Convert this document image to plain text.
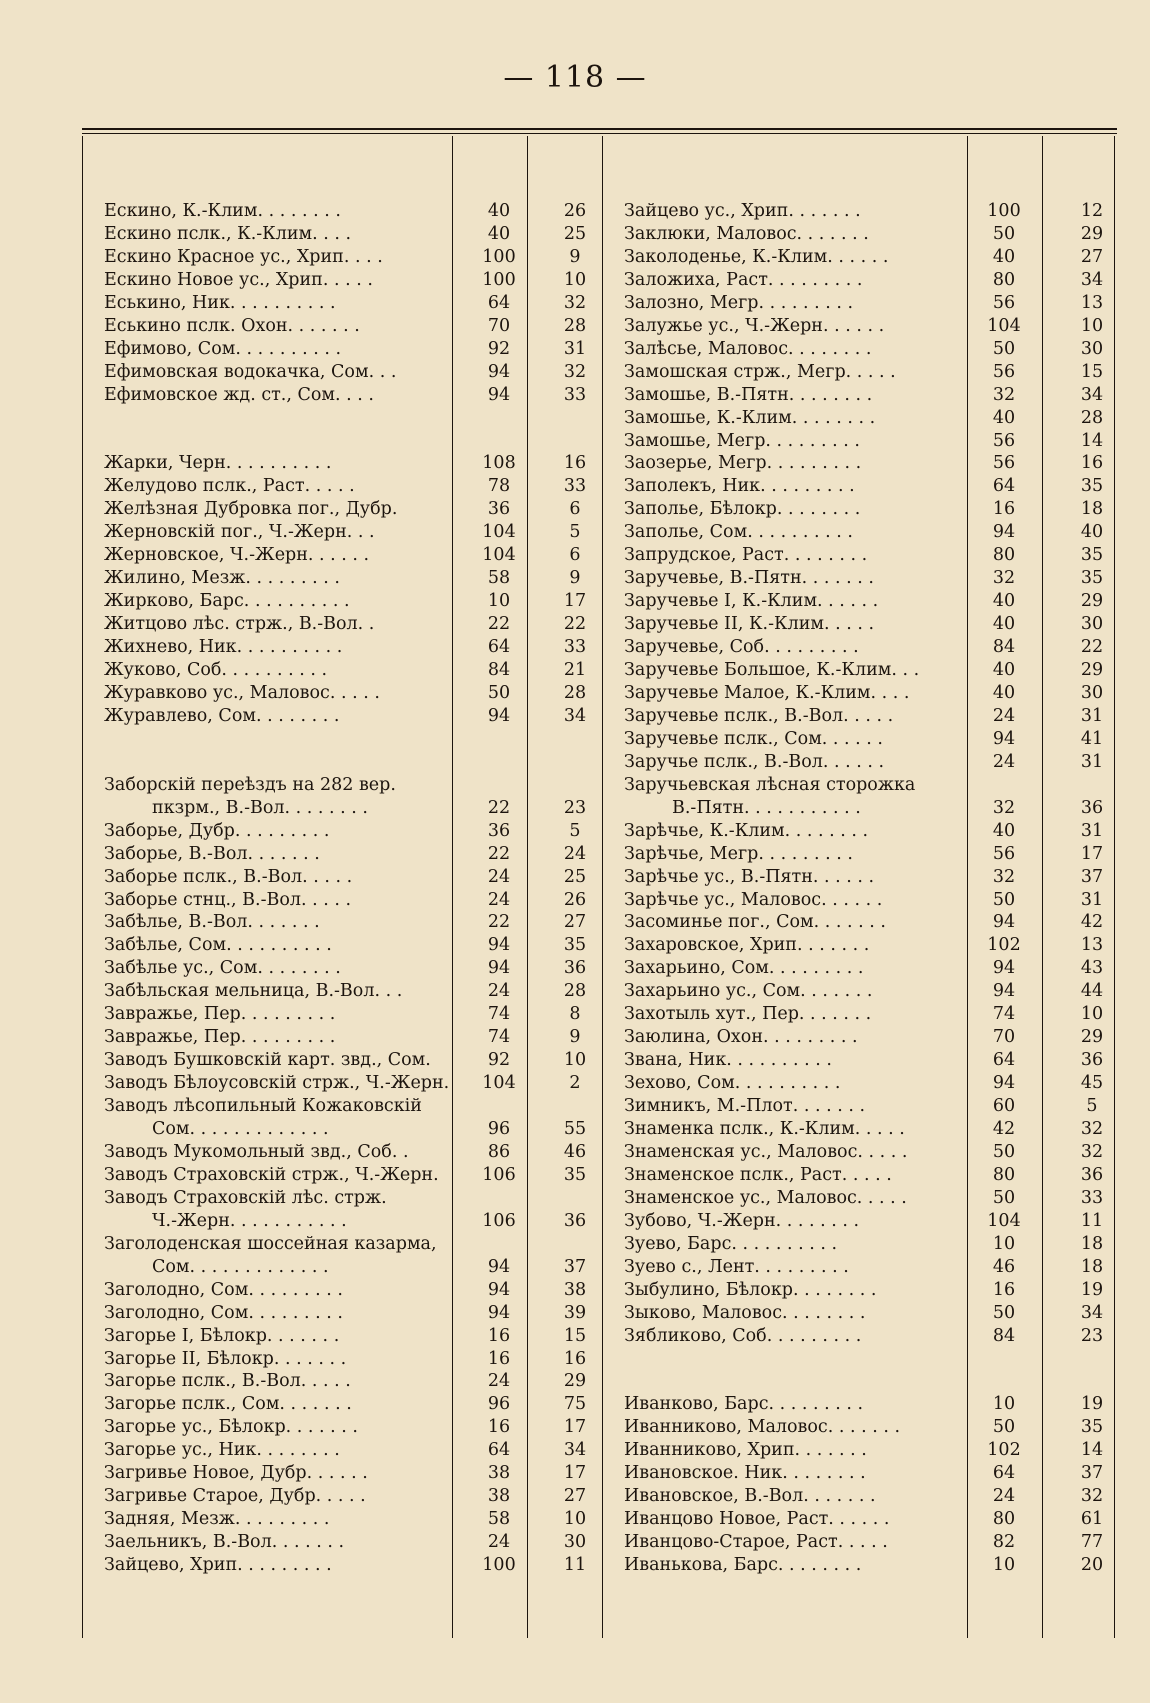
— 118 —
Ескино, К.-Клим. . . . . . . .	40	26
Ескино пслк., К.-Клим. . . .	40	25
Ескино Красное ус., Хрип. . . .	100	9
Ескино Новое ус., Хрип. . . . .	100	10
Еськино, Ник. . . . . . . . . .	64	32
Еськино пслк. Охон. . . . . . .	70	28
Ефимово, Сом. . . . . . . . . .	92	31
Ефимовская водокачка, Сом. . .	94	32
Ефимовское жд. ст., Сом. . . .	94	33
Жарки, Черн. . . . . . . . . .	108	16
Желудово пслк., Раст. . . . .	78	33
Желѣзная Дубровка пог., Дубр.	36	6
Жерновскій пог., Ч.-Жерн. . .	104	5
Жерновское, Ч.-Жерн. . . . . .	104	6
Жилино, Мезж. . . . . . . . .	58	9
Жирково, Барс. . . . . . . . . .	10	17
Житцово лѣс. стрж., В.-Вол. .	22	22
Жихнево, Ник. . . . . . . . . .	64	33
Жуково, Соб. . . . . . . . . .	84	21
Журавково ус., Маловос. . . . .	50	28
Журавлево, Сом. . . . . . . .	94	34
Заборскій переѣздъ на 282 вер.
пкзрм., В.-Вол. . . . . . . .	22	23
Заборье, Дубр. . . . . . . . .	36	5
Заборье, В.-Вол. . . . . . .	22	24
Заборье пслк., В.-Вол. . . . .	24	25
Заборье стнц., В.-Вол. . . . .	24	26
Забѣлье, В.-Вол. . . . . . .	22	27
Забѣлье, Сом. . . . . . . . . .	94	35
Забѣлье ус., Сом. . . . . . . .	94	36
Забѣльская мельница, В.-Вол. . .	24	28
Завражье, Пер. . . . . . . . .	74	8
Завражье, Пер. . . . . . . . .	74	9
Заводъ Бушковскій карт. звд., Сом.	92	10
Заводъ Бѣлоусовскій стрж., Ч.-Жерн.	104	2
Заводъ лѣсопильный Кожаковскій
Сом. . . . . . . . . . . . .	96	55
Заводъ Мукомольный звд., Соб. .	86	46
Заводъ Страховскій стрж., Ч.-Жерн.	106	35
Заводъ Страховскій лѣс. стрж.
Ч.-Жерн. . . . . . . . . . .	106	36
Заголоденская шоссейная казарма,
Сом. . . . . . . . . . . . .	94	37
Заголодно, Сом. . . . . . . . .	94	38
Заголодно, Сом. . . . . . . . .	94	39
Загорье I, Бѣлокр. . . . . . .	16	15
Загорье II, Бѣлокр. . . . . . .	16	16
Загорье пслк., В.-Вол. . . . .	24	29
Загорье пслк., Сом. . . . . . .	96	75
Загорье ус., Бѣлокр. . . . . . .	16	17
Загорье ус., Ник. . . . . . . .	64	34
Загривье Новое, Дубр. . . . . .	38	17
Загривье Старое, Дубр. . . . .	38	27
Задняя, Мезж. . . . . . . . .	58	10
Заельникъ, В.-Вол. . . . . . .	24	30
Зайцево, Хрип. . . . . . . . .	100	11
Зайцево ус., Хрип. . . . . . .	100	12
Заклюки, Маловос. . . . . . .	50	29
Заколоденье, К.-Клим. . . . . .	40	27
Заложиха, Раст. . . . . . . . .	80	34
Залозно, Мегр. . . . . . . . .	56	13
Залужье ус., Ч.-Жерн. . . . . .	104	10
Залѣсье, Маловос. . . . . . . .	50	30
Замошская стрж., Мегр. . . . .	56	15
Замошье, В.-Пятн. . . . . . . .	32	34
Замошье, К.-Клим. . . . . . . .	40	28
Замошье, Мегр. . . . . . . . .	56	14
Заозерье, Мегр. . . . . . . . .	56	16
Заполекъ, Ник. . . . . . . . .	64	35
Заполье, Бѣлокр. . . . . . . .	16	18
Заполье, Сом. . . . . . . . . .	94	40
Запрудское, Раст. . . . . . . .	80	35
Заручевье, В.-Пятн. . . . . . .	32	35
Заручевье I, К.-Клим. . . . . .	40	29
Заручевье II, К.-Клим. . . . .	40	30
Заручевье, Соб. . . . . . . . .	84	22
Заручевье Большое, К.-Клим. . .	40	29
Заручевье Малое, К.-Клим. . . .	40	30
Заручевье пслк., В.-Вол. . . . .	24	31
Заручевье пслк., Сом. . . . . .	94	41
Заручье пслк., В.-Вол. . . . . .	24	31
Заручьевская лѣсная сторожка
В.-Пятн. . . . . . . . . . .	32	36
Зарѣчье, К.-Клим. . . . . . . .	40	31
Зарѣчье, Мегр. . . . . . . . .	56	17
Зарѣчье ус., В.-Пятн. . . . . .	32	37
Зарѣчье ус., Маловос. . . . . .	50	31
Засоминье пог., Сом. . . . . . .	94	42
Захаровское, Хрип. . . . . . .	102	13
Захарьино, Сом. . . . . . . . .	94	43
Захарьино ус., Сом. . . . . . .	94	44
Захотыль хут., Пер. . . . . . .	74	10
Заюлина, Охон. . . . . . . . .	70	29
Звана, Ник. . . . . . . . . .	64	36
Зехово, Сом. . . . . . . . . .	94	45
Зимникъ, М.-Плот. . . . . . .	60	5
Знаменка пслк., К.-Клим. . . . .	42	32
Знаменская ус., Маловос. . . . .	50	32
Знаменское пслк., Раст. . . . .	80	36
Знаменское ус., Маловос. . . . .	50	33
Зубово, Ч.-Жерн. . . . . . . .	104	11
Зуево, Барс. . . . . . . . . .	10	18
Зуево с., Лент. . . . . . . . .	46	18
Зыбулино, Бѣлокр. . . . . . . .	16	19
Зыково, Маловос. . . . . . . .	50	34
Зябликово, Соб. . . . . . . . .	84	23
Иванково, Барс. . . . . . . . .	10	19
Иванниково, Маловос. . . . . . .	50	35
Иванниково, Хрип. . . . . . .	102	14
Ивановское. Ник. . . . . . . .	64	37
Ивановское, В.-Вол. . . . . . .	24	32
Иванцово Новое, Раст. . . . . .	80	61
Иванцово-Старое, Раст. . . . .	82	77
Иванькова, Барс. . . . . . . .	10	20
